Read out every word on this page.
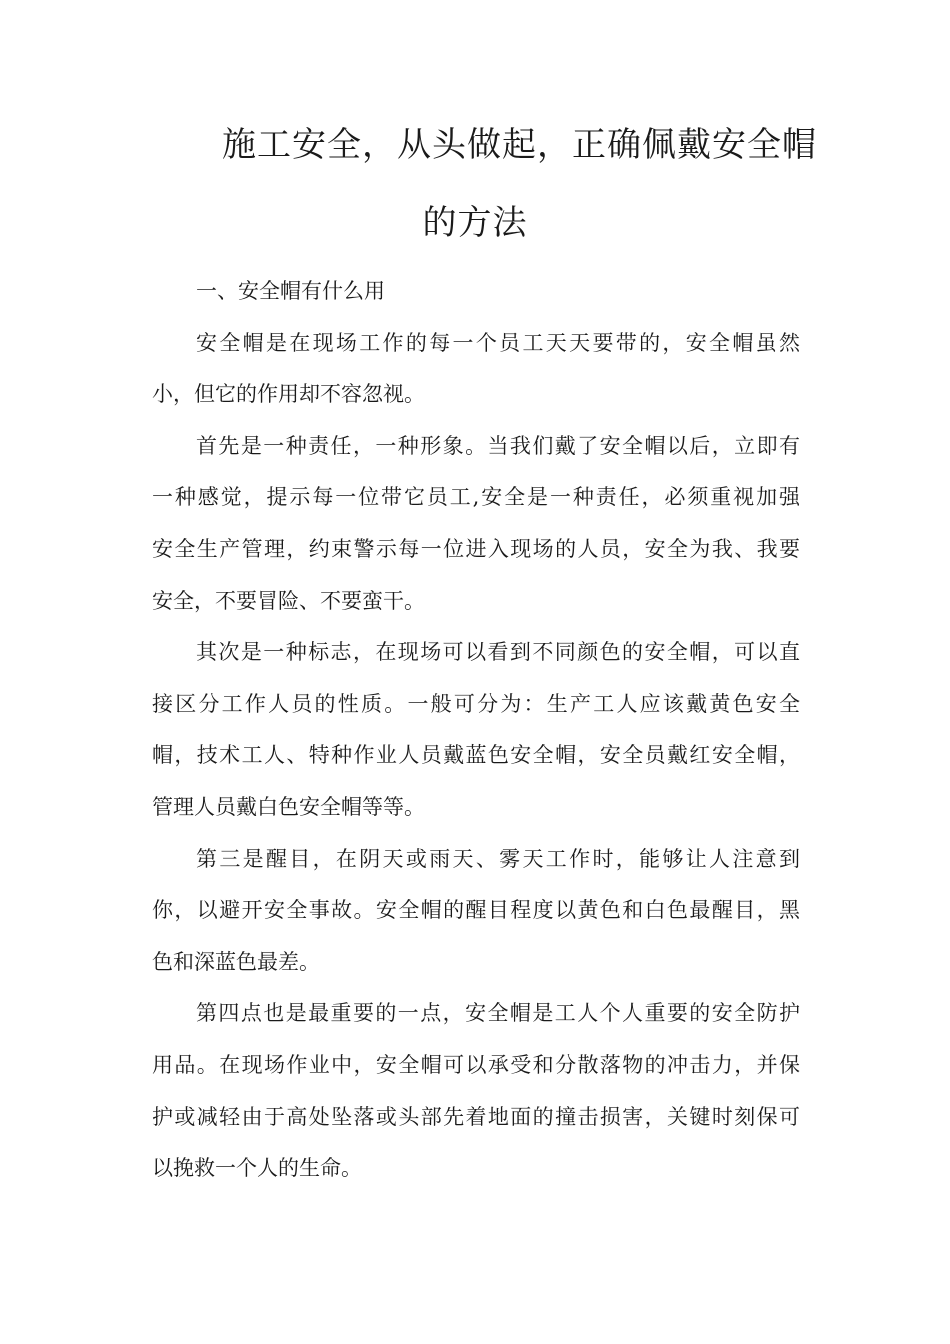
施工安全，从头做起，正确佩戴安全帽
的方法
一、安全帽有什么用
安全帽是在现场工作的每一个员工天天要带的，安全帽虽然
小，但它的作用却不容忽视。
首先是一种责任，一种形象。当我们戴了安全帽以后，立即有
一种感觉，提示每一位带它员工,安全是一种责任，必须重视加强
安全生产管理，约束警示每一位进入现场的人员，安全为我、我要
安全，不要冒险、不要蛮干。
其次是一种标志，在现场可以看到不同颜色的安全帽，可以直
接区分工作人员的性质。一般可分为：生产工人应该戴黄色安全
帽，技术工人、特种作业人员戴蓝色安全帽，安全员戴红安全帽，
管理人员戴白色安全帽等等。
第三是醒目，在阴天或雨天、雾天工作时，能够让人注意到
你，以避开安全事故。安全帽的醒目程度以黄色和白色最醒目，黑
色和深蓝色最差。
第四点也是最重要的一点，安全帽是工人个人重要的安全防护
用品。在现场作业中，安全帽可以承受和分散落物的冲击力，并保
护或减轻由于高处坠落或头部先着地面的撞击损害，关键时刻保可
以挽救一个人的生命。
